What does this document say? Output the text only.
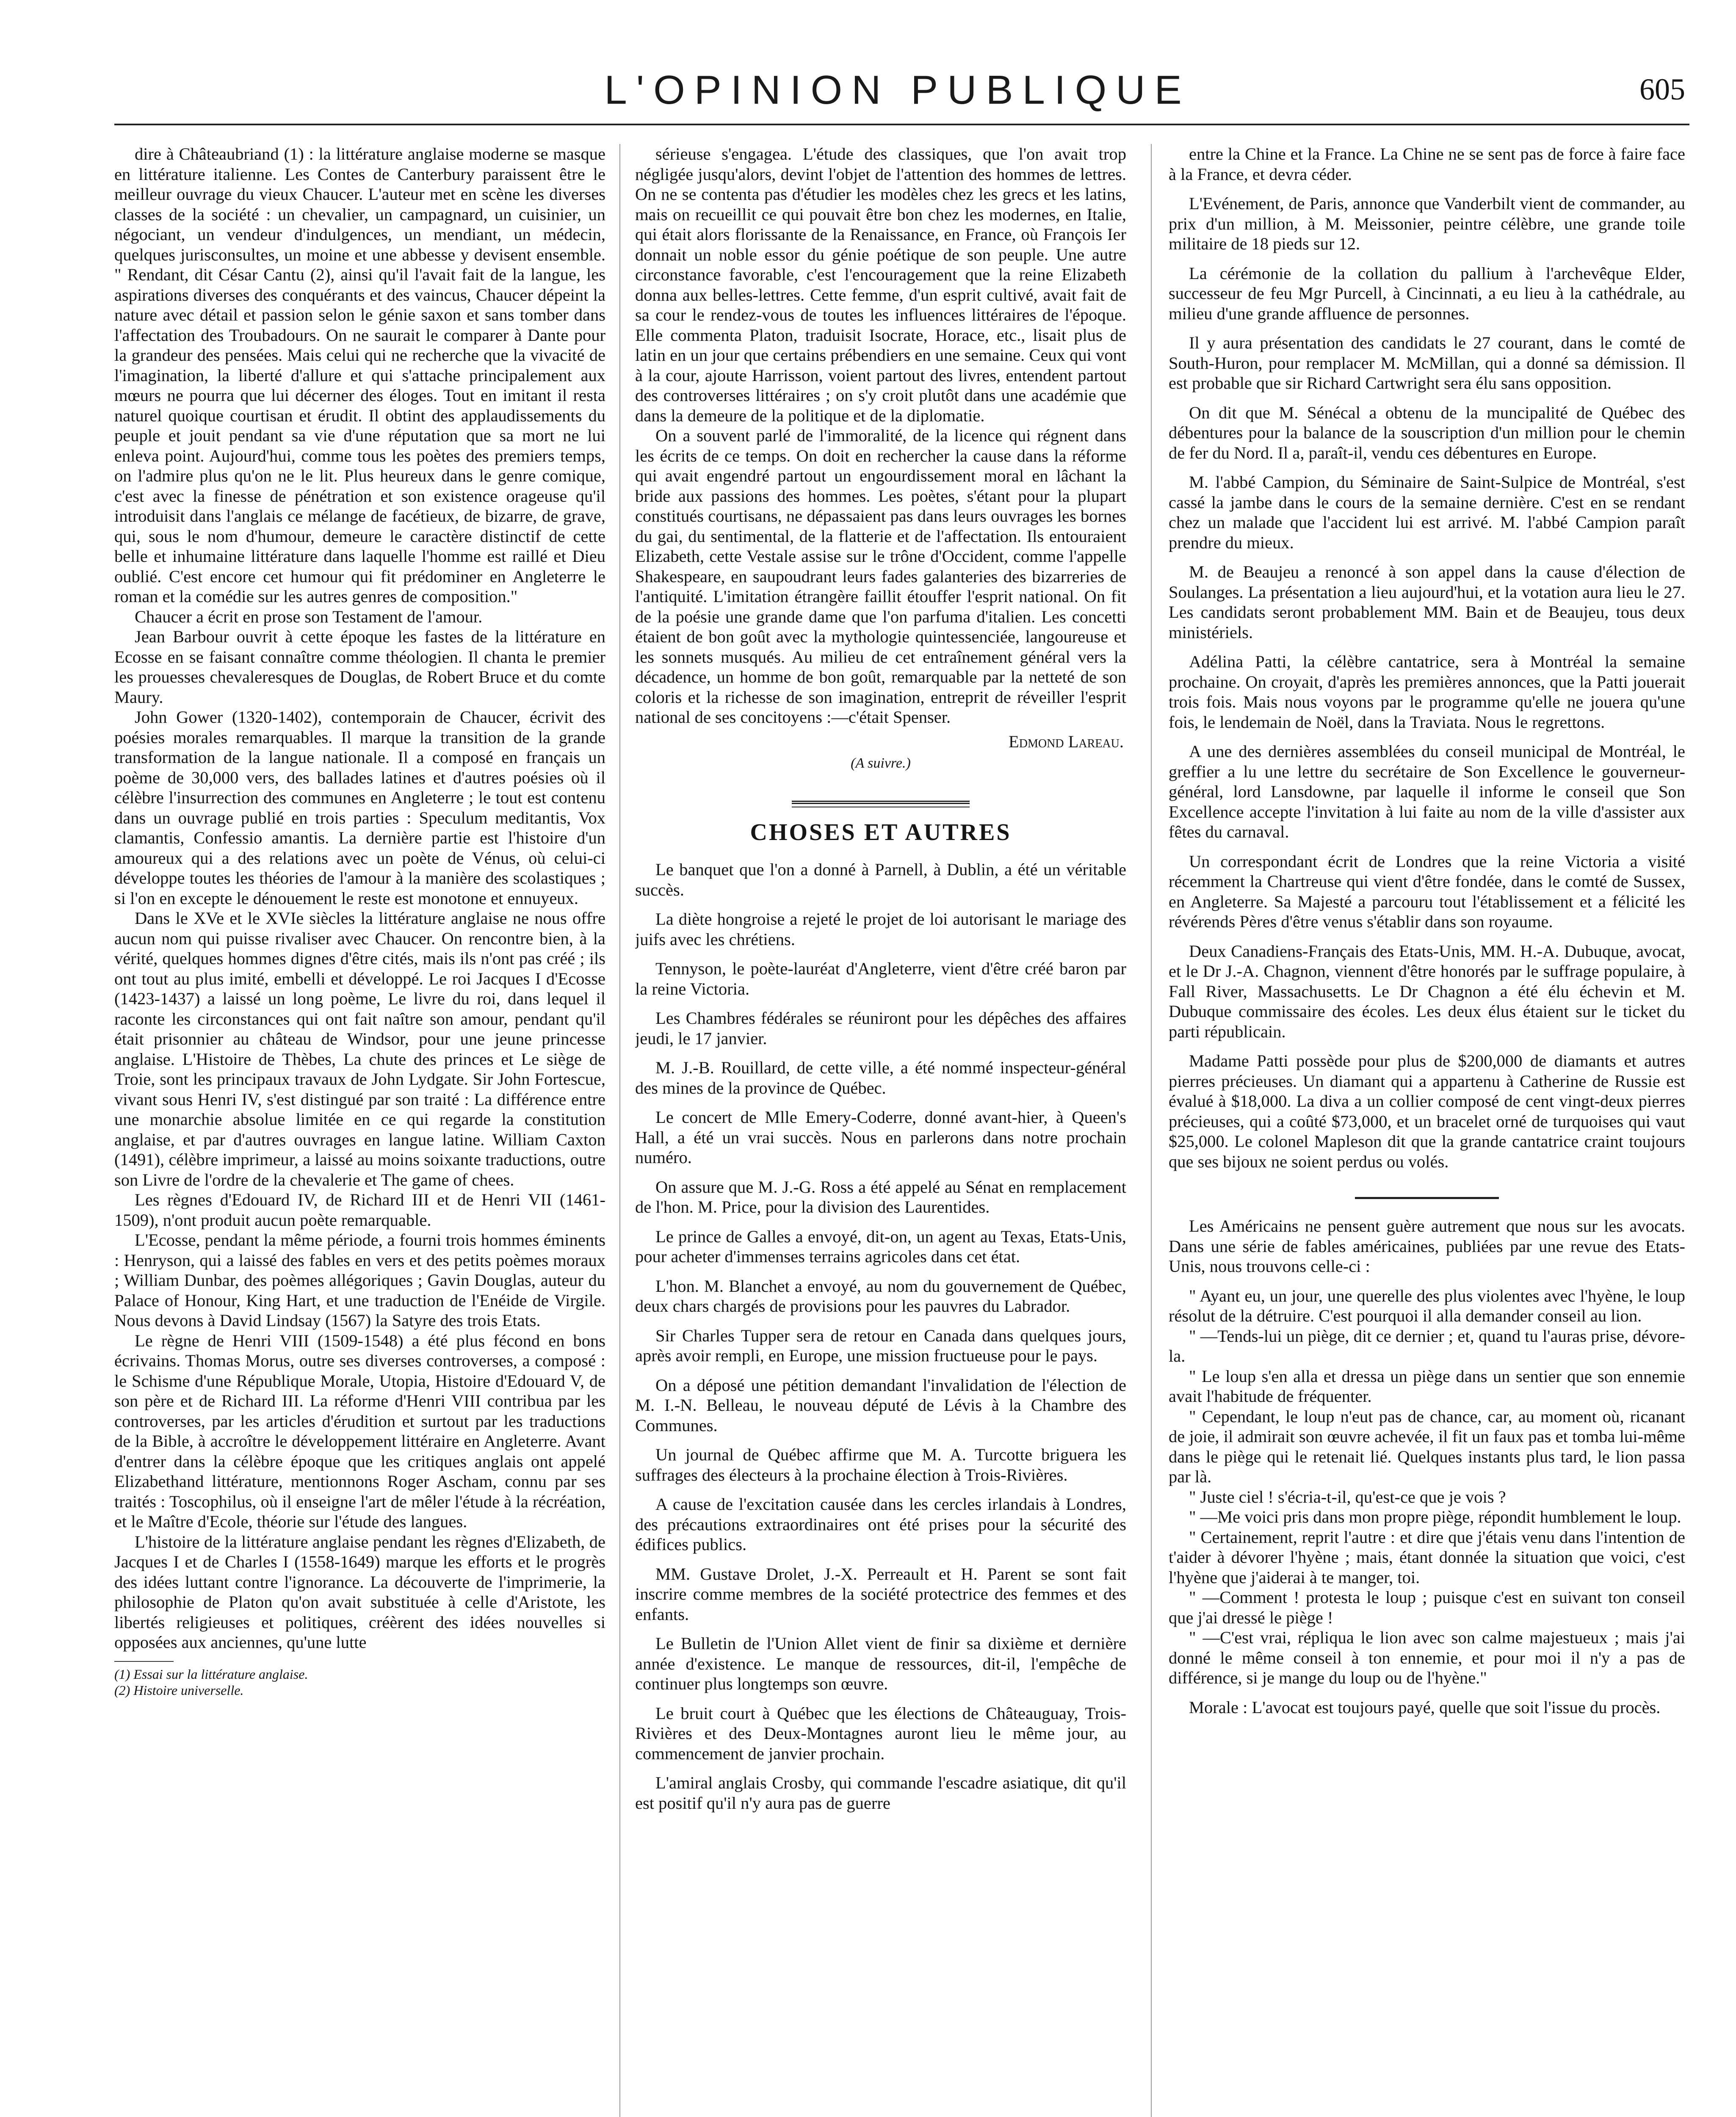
L'OPINION PUBLIQUE	605

dire à Châteaubriand (1) : la littérature anglaise moderne se masque en littérature italienne. Les Contes de Canterbury paraissent être le meilleur ouvrage du vieux Chaucer. L'auteur met en scène les diverses classes de la société : un chevalier, un campagnard, un cuisinier, un négociant, un vendeur d'indulgences, un mendiant, un médecin, quelques jurisconsultes, un moine et une abbesse y devisent ensemble. " Rendant, dit César Cantu (2), ainsi qu'il l'avait fait de la langue, les aspirations diverses des conquérants et des vaincus, Chaucer dépeint la nature avec détail et passion selon le génie saxon et sans tomber dans l'affectation des Troubadours. On ne saurait le comparer à Dante pour la grandeur des pensées. Mais celui qui ne recherche que la vivacité de l'imagination, la liberté d'allure et qui s'attache principalement aux mœurs ne pourra que lui décerner des éloges. Tout en imitant il resta naturel quoique courtisan et érudit. Il obtint des applaudissements du peuple et jouit pendant sa vie d'une réputation que sa mort ne lui enleva point. Aujourd'hui, comme tous les poètes des premiers temps, on l'admire plus qu'on ne le lit. Plus heureux dans le genre comique, c'est avec la finesse de pénétration et son existence orageuse qu'il introduisit dans l'anglais ce mélange de facétieux, de bizarre, de grave, qui, sous le nom d'humour, demeure le caractère distinctif de cette belle et inhumaine littérature dans laquelle l'homme est raillé et Dieu oublié. C'est encore cet humour qui fit prédominer en Angleterre le roman et la comédie sur les autres genres de composition."

Chaucer a écrit en prose son Testament de l'amour.

Jean Barbour ouvrit à cette époque les fastes de la littérature en Ecosse en se faisant connaître comme théologien. Il chanta le premier les prouesses chevaleresques de Douglas, de Robert Bruce et du comte Maury.

John Gower (1320-1402), contemporain de Chaucer, écrivit des poésies morales remarquables. Il marque la transition de la grande transformation de la langue nationale. Il a composé en français un poème de 30,000 vers, des ballades latines et d'autres poésies où il célèbre l'insurrection des communes en Angleterre ; le tout est contenu dans un ouvrage publié en trois parties : Speculum meditantis, Vox clamantis, Confessio amantis. La dernière partie est l'histoire d'un amoureux qui a des relations avec un poète de Vénus, où celui-ci développe toutes les théories de l'amour à la manière des scolastiques ; si l'on en excepte le dénouement le reste est monotone et ennuyeux.

Dans le XVe et le XVIe siècles la littérature anglaise ne nous offre aucun nom qui puisse rivaliser avec Chaucer. On rencontre bien, à la vérité, quelques hommes dignes d'être cités, mais ils n'ont pas créé ; ils ont tout au plus imité, embelli et développé. Le roi Jacques I d'Ecosse (1423-1437) a laissé un long poème, Le livre du roi, dans lequel il raconte les circonstances qui ont fait naître son amour, pendant qu'il était prisonnier au château de Windsor, pour une jeune princesse anglaise. L'Histoire de Thèbes, La chute des princes et Le siège de Troie, sont les principaux travaux de John Lydgate. Sir John Fortescue, vivant sous Henri IV, s'est distingué par son traité : La différence entre une monarchie absolue limitée en ce qui regarde la constitution anglaise, et par d'autres ouvrages en langue latine. William Caxton (1491), célèbre imprimeur, a laissé au moins soixante traductions, outre son Livre de l'ordre de la chevalerie et The game of chees.

Les règnes d'Edouard IV, de Richard III et de Henri VII (1461-1509), n'ont produit aucun poète remarquable.

L'Ecosse, pendant la même période, a fourni trois hommes éminents : Henryson, qui a laissé des fables en vers et des petits poèmes moraux ; William Dunbar, des poèmes allégoriques ; Gavin Douglas, auteur du Palace of Honour, King Hart, et une traduction de l'Enéide de Virgile. Nous devons à David Lindsay (1567) la Satyre des trois Etats.

Le règne de Henri VIII (1509-1548) a été plus fécond en bons écrivains. Thomas Morus, outre ses diverses controverses, a composé : le Schisme d'une République Morale, Utopia, Histoire d'Edouard V, de son père et de Richard III. La réforme d'Henri VIII contribua par les controverses, par les articles d'érudition et surtout par les traductions de la Bible, à accroître le développement littéraire en Angleterre. Avant d'entrer dans la célèbre époque que les critiques anglais ont appelé Elizabethand littérature, mentionnons Roger Ascham, connu par ses traités : Toscophilus, où il enseigne l'art de mêler l'étude à la récréation, et le Maître d'Ecole, théorie sur l'étude des langues.

L'histoire de la littérature anglaise pendant les règnes d'Elizabeth, de Jacques I et de Charles I (1558-1649) marque les efforts et le progrès des idées luttant contre l'ignorance. La découverte de l'imprimerie, la philosophie de Platon qu'on avait substituée à celle d'Aristote, les libertés religieuses et politiques, créèrent des idées nouvelles si opposées aux anciennes, qu'une lutte

(1) Essai sur la littérature anglaise.

(2) Histoire universelle.

sérieuse s'engagea. L'étude des classiques, que l'on avait trop négligée jusqu'alors, devint l'objet de l'attention des hommes de lettres. On ne se contenta pas d'étudier les modèles chez les grecs et les latins, mais on recueillit ce qui pouvait être bon chez les modernes, en Italie, qui était alors florissante de la Renaissance, en France, où François Ier donnait un noble essor du génie poétique de son peuple. Une autre circonstance favorable, c'est l'encouragement que la reine Elizabeth donna aux belles-lettres. Cette femme, d'un esprit cultivé, avait fait de sa cour le rendez-vous de toutes les influences littéraires de l'époque. Elle commenta Platon, traduisit Isocrate, Horace, etc., lisait plus de latin en un jour que certains prébendiers en une semaine. Ceux qui vont à la cour, ajoute Harrisson, voient partout des livres, entendent partout des controverses littéraires ; on s'y croit plutôt dans une académie que dans la demeure de la politique et de la diplomatie.

On a souvent parlé de l'immoralité, de la licence qui régnent dans les écrits de ce temps. On doit en rechercher la cause dans la réforme qui avait engendré partout un engourdissement moral en lâchant la bride aux passions des hommes. Les poètes, s'étant pour la plupart constitués courtisans, ne dépassaient pas dans leurs ouvrages les bornes du gai, du sentimental, de la flatterie et de l'affectation. Ils entouraient Elizabeth, cette Vestale assise sur le trône d'Occident, comme l'appelle Shakespeare, en saupoudrant leurs fades galanteries des bizarreries de l'antiquité. L'imitation étrangère faillit étouffer l'esprit national. On fit de la poésie une grande dame que l'on parfuma d'italien. Les concetti étaient de bon goût avec la mythologie quintessenciée, langoureuse et les sonnets musqués. Au milieu de cet entraînement général vers la décadence, un homme de bon goût, remarquable par la netteté de son coloris et la richesse de son imagination, entreprit de réveiller l'esprit national de ses concitoyens :—c'était Spenser.

Edmond Lareau.
(A suivre.)
CHOSES ET AUTRES

Le banquet que l'on a donné à Parnell, à Dublin, a été un véritable succès.

La diète hongroise a rejeté le projet de loi autorisant le mariage des juifs avec les chrétiens.

Tennyson, le poète-lauréat d'Angleterre, vient d'être créé baron par la reine Victoria.

Les Chambres fédérales se réuniront pour les dépêches des affaires jeudi, le 17 janvier.

M. J.-B. Rouillard, de cette ville, a été nommé inspecteur-général des mines de la province de Québec.

Le concert de Mlle Emery-Coderre, donné avant-hier, à Queen's Hall, a été un vrai succès. Nous en parlerons dans notre prochain numéro.

On assure que M. J.-G. Ross a été appelé au Sénat en remplacement de l'hon. M. Price, pour la division des Laurentides.

Le prince de Galles a envoyé, dit-on, un agent au Texas, Etats-Unis, pour acheter d'immenses terrains agricoles dans cet état.

L'hon. M. Blanchet a envoyé, au nom du gouvernement de Québec, deux chars chargés de provisions pour les pauvres du Labrador.

Sir Charles Tupper sera de retour en Canada dans quelques jours, après avoir rempli, en Europe, une mission fructueuse pour le pays.

On a déposé une pétition demandant l'invalidation de l'élection de M. I.-N. Belleau, le nouveau député de Lévis à la Chambre des Communes.

Un journal de Québec affirme que M. A. Turcotte briguera les suffrages des électeurs à la prochaine élection à Trois-Rivières.

A cause de l'excitation causée dans les cercles irlandais à Londres, des précautions extraordinaires ont été prises pour la sécurité des édifices publics.

MM. Gustave Drolet, J.-X. Perreault et H. Parent se sont fait inscrire comme membres de la société protectrice des femmes et des enfants.

Le Bulletin de l'Union Allet vient de finir sa dixième et dernière année d'existence. Le manque de ressources, dit-il, l'empêche de continuer plus longtemps son œuvre.

Le bruit court à Québec que les élections de Châteauguay, Trois-Rivières et des Deux-Montagnes auront lieu le même jour, au commencement de janvier prochain.

L'amiral anglais Crosby, qui commande l'escadre asiatique, dit qu'il est positif qu'il n'y aura pas de guerre

entre la Chine et la France. La Chine ne se sent pas de force à faire face à la France, et devra céder.

L'Evénement, de Paris, annonce que Vanderbilt vient de commander, au prix d'un million, à M. Meissonier, peintre célèbre, une grande toile militaire de 18 pieds sur 12.

La cérémonie de la collation du pallium à l'archevêque Elder, successeur de feu Mgr Purcell, à Cincinnati, a eu lieu à la cathédrale, au milieu d'une grande affluence de personnes.

Il y aura présentation des candidats le 27 courant, dans le comté de South-Huron, pour remplacer M. McMillan, qui a donné sa démission. Il est probable que sir Richard Cartwright sera élu sans opposition.

On dit que M. Sénécal a obtenu de la muncipalité de Québec des débentures pour la balance de la souscription d'un million pour le chemin de fer du Nord. Il a, paraît-il, vendu ces débentures en Europe.

M. l'abbé Campion, du Séminaire de Saint-Sulpice de Montréal, s'est cassé la jambe dans le cours de la semaine dernière. C'est en se rendant chez un malade que l'accident lui est arrivé. M. l'abbé Campion paraît prendre du mieux.

M. de Beaujeu a renoncé à son appel dans la cause d'élection de Soulanges. La présentation a lieu aujourd'hui, et la votation aura lieu le 27. Les candidats seront probablement MM. Bain et de Beaujeu, tous deux ministériels.

Adélina Patti, la célèbre cantatrice, sera à Montréal la semaine prochaine. On croyait, d'après les premières annonces, que la Patti jouerait trois fois. Mais nous voyons par le programme qu'elle ne jouera qu'une fois, le lendemain de Noël, dans la Traviata. Nous le regrettons.

A une des dernières assemblées du conseil municipal de Montréal, le greffier a lu une lettre du secrétaire de Son Excellence le gouverneur-général, lord Lansdowne, par laquelle il informe le conseil que Son Excellence accepte l'invitation à lui faite au nom de la ville d'assister aux fêtes du carnaval.

Un correspondant écrit de Londres que la reine Victoria a visité récemment la Chartreuse qui vient d'être fondée, dans le comté de Sussex, en Angleterre. Sa Majesté a parcouru tout l'établissement et a félicité les révérends Pères d'être venus s'établir dans son royaume.

Deux Canadiens-Français des Etats-Unis, MM. H.-A. Dubuque, avocat, et le Dr J.-A. Chagnon, viennent d'être honorés par le suffrage populaire, à Fall River, Massachusetts. Le Dr Chagnon a été élu échevin et M. Dubuque commissaire des écoles. Les deux élus étaient sur le ticket du parti républicain.

Madame Patti possède pour plus de $200,000 de diamants et autres pierres précieuses. Un diamant qui a appartenu à Catherine de Russie est évalué à $18,000. La diva a un collier composé de cent vingt-deux pierres précieuses, qui a coûté $73,000, et un bracelet orné de turquoises qui vaut $25,000. Le colonel Mapleson dit que la grande cantatrice craint toujours que ses bijoux ne soient perdus ou volés.

Les Américains ne pensent guère autrement que nous sur les avocats. Dans une série de fables américaines, publiées par une revue des Etats-Unis, nous trouvons celle-ci :

" Ayant eu, un jour, une querelle des plus violentes avec l'hyène, le loup résolut de la détruire. C'est pourquoi il alla demander conseil au lion.

" —Tends-lui un piège, dit ce dernier ; et, quand tu l'auras prise, dévore-la.

" Le loup s'en alla et dressa un piège dans un sentier que son ennemie avait l'habitude de fréquenter.

" Cependant, le loup n'eut pas de chance, car, au moment où, ricanant de joie, il admirait son œuvre achevée, il fit un faux pas et tomba lui-même dans le piège qui le retenait lié. Quelques instants plus tard, le lion passa par là.

" Juste ciel ! s'écria-t-il, qu'est-ce que je vois ?

" —Me voici pris dans mon propre piège, répondit humblement le loup.

" Certainement, reprit l'autre : et dire que j'étais venu dans l'intention de t'aider à dévorer l'hyène ; mais, étant donnée la situation que voici, c'est l'hyène que j'aiderai à te manger, toi.

" —Comment ! protesta le loup ; puisque c'est en suivant ton conseil que j'ai dressé le piège !

" —C'est vrai, répliqua le lion avec son calme majestueux ; mais j'ai donné le même conseil à ton ennemie, et pour moi il n'y a pas de différence, si je mange du loup ou de l'hyène."

Morale : L'avocat est toujours payé, quelle que soit l'issue du procès.
